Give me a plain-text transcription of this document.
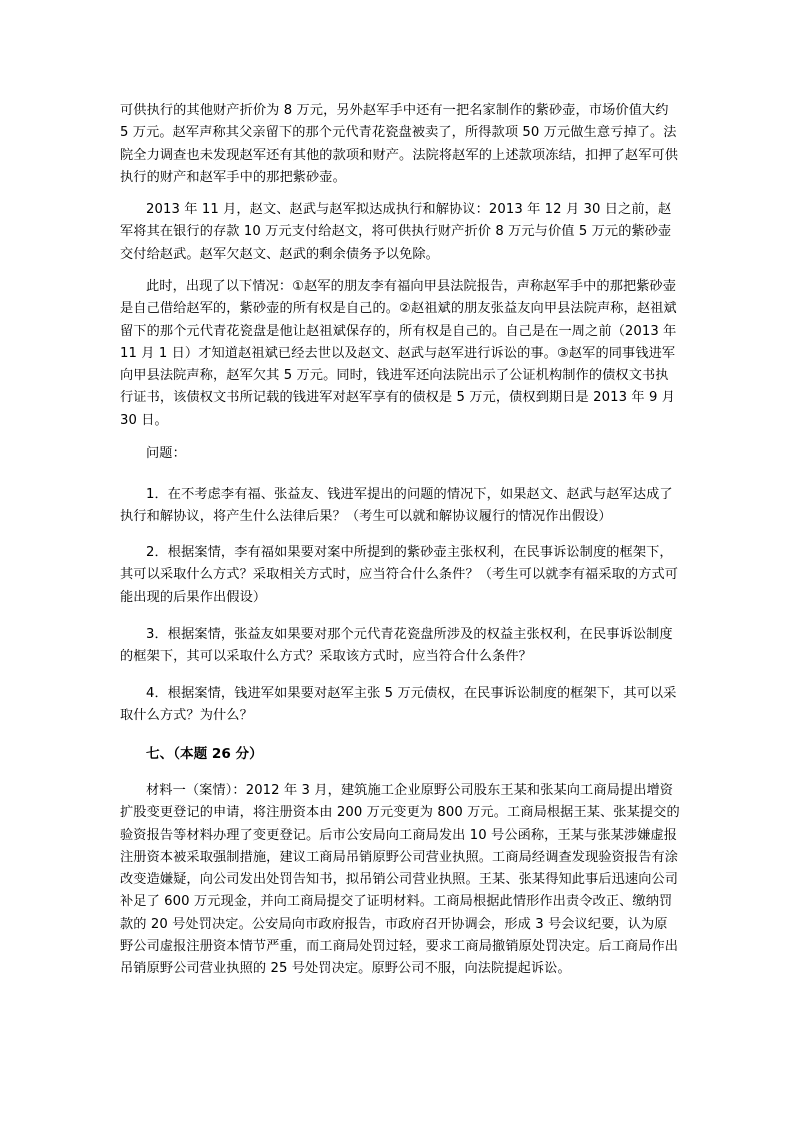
可供执行的其他财产折价为 8 万元，另外赵军手中还有一把名家制作的紫砂壶，市场价值大约 5 万元。赵军声称其父亲留下的那个元代青花瓷盘被卖了，所得款项 50 万元做生意亏掉了。法院全力调查也未发现赵军还有其他的款项和财产。法院将赵军的上述款项冻结，扣押了赵军可供执行的财产和赵军手中的那把紫砂壶。

2013 年 11 月，赵文、赵武与赵军拟达成执行和解协议：2013 年 12 月 30 日之前，赵军将其在银行的存款 10 万元支付给赵文，将可供执行财产折价 8 万元与价值 5 万元的紫砂壶交付给赵武。赵军欠赵文、赵武的剩余债务予以免除。

此时，出现了以下情况：①赵军的朋友李有福向甲县法院报告，声称赵军手中的那把紫砂壶是自己借给赵军的，紫砂壶的所有权是自己的。②赵祖斌的朋友张益友向甲县法院声称，赵祖斌留下的那个元代青花瓷盘是他让赵祖斌保存的，所有权是自己的。自己是在一周之前（2013 年 11 月 1 日）才知道赵祖斌已经去世以及赵文、赵武与赵军进行诉讼的事。③赵军的同事钱进军向甲县法院声称，赵军欠其 5 万元。同时，钱进军还向法院出示了公证机构制作的债权文书执行证书，该债权文书所记载的钱进军对赵军享有的债权是 5 万元，债权到期日是 2013 年 9 月 30 日。

问题：

1．在不考虑李有福、张益友、钱进军提出的问题的情况下，如果赵文、赵武与赵军达成了执行和解协议，将产生什么法律后果？（考生可以就和解协议履行的情况作出假设）

2．根据案情，李有福如果要对案中所提到的紫砂壶主张权利，在民事诉讼制度的框架下，其可以采取什么方式？采取相关方式时，应当符合什么条件？（考生可以就李有福采取的方式可能出现的后果作出假设）

3．根据案情，张益友如果要对那个元代青花瓷盘所涉及的权益主张权利，在民事诉讼制度的框架下，其可以采取什么方式？采取该方式时，应当符合什么条件？

4．根据案情，钱进军如果要对赵军主张 5 万元债权，在民事诉讼制度的框架下，其可以采取什么方式？为什么？

七、（本题 26 分）

材料一（案情）：2012 年 3 月，建筑施工企业原野公司股东王某和张某向工商局提出增资扩股变更登记的申请，将注册资本由 200 万元变更为 800 万元。工商局根据王某、张某提交的验资报告等材料办理了变更登记。后市公安局向工商局发出 10 号公函称，王某与张某涉嫌虚报注册资本被采取强制措施，建议工商局吊销原野公司营业执照。工商局经调查发现验资报告有涂改变造嫌疑，向公司发出处罚告知书，拟吊销公司营业执照。王某、张某得知此事后迅速向公司补足了 600 万元现金，并向工商局提交了证明材料。工商局根据此情形作出责令改正、缴纳罚款的 20 号处罚决定。公安局向市政府报告，市政府召开协调会，形成 3 号会议纪要，认为原野公司虚报注册资本情节严重，而工商局处罚过轻，要求工商局撤销原处罚决定。后工商局作出吊销原野公司营业执照的 25 号处罚决定。原野公司不服，向法院提起诉讼。
